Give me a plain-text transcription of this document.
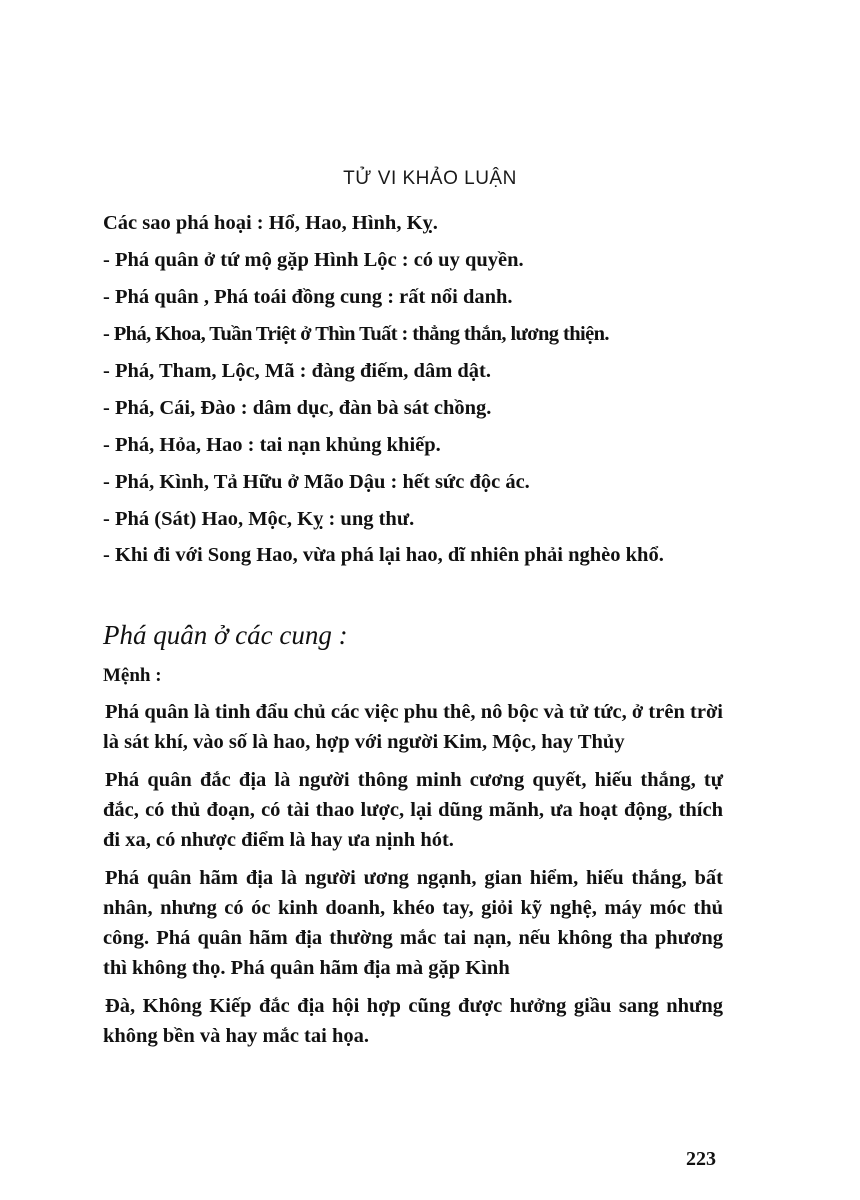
TỬ VI KHẢO LUẬN

Các sao phá hoại : Hổ, Hao, Hình, Kỵ.

- Phá quân ở tứ mộ gặp Hình Lộc : có uy quyền.

- Phá quân , Phá toái đồng cung : rất nổi danh.

- Phá, Khoa, Tuần Triệt ở Thìn Tuất : thẳng thắn, lương thiện.

- Phá, Tham, Lộc, Mã : đàng điếm, dâm dật.

- Phá, Cái, Đào : dâm dục, đàn bà sát chồng.

- Phá, Hỏa, Hao : tai nạn khủng khiếp.

- Phá, Kình, Tả Hữu ở Mão Dậu : hết sức độc ác.

- Phá (Sát) Hao, Mộc, Kỵ : ung thư.

- Khi đi với Song Hao, vừa phá lại hao, dĩ nhiên phải nghèo khổ.

Phá quân ở các cung :
Mệnh :

Phá quân là tinh đẩu chủ các việc phu thê, nô bộc và tử tức, ở trên trời là sát khí, vào số là hao, hợp với người Kim, Mộc, hay Thủy

Phá quân đắc địa là người thông minh cương quyết, hiếu thắng, tự đắc, có thủ đoạn, có tài thao lược, lại dũng mãnh, ưa hoạt động, thích đi xa, có nhược điểm là hay ưa nịnh hót.

Phá quân hãm địa là người ương ngạnh, gian hiểm, hiếu thắng, bất nhân, nhưng có óc kinh doanh, khéo tay, giỏi kỹ nghệ, máy móc thủ công. Phá quân hãm địa thường mắc tai nạn, nếu không tha phương thì không thọ. Phá quân hãm địa mà gặp Kình

Đà, Không Kiếp đắc địa hội hợp cũng được hưởng giầu sang nhưng không bền và hay mắc tai họa.

223
